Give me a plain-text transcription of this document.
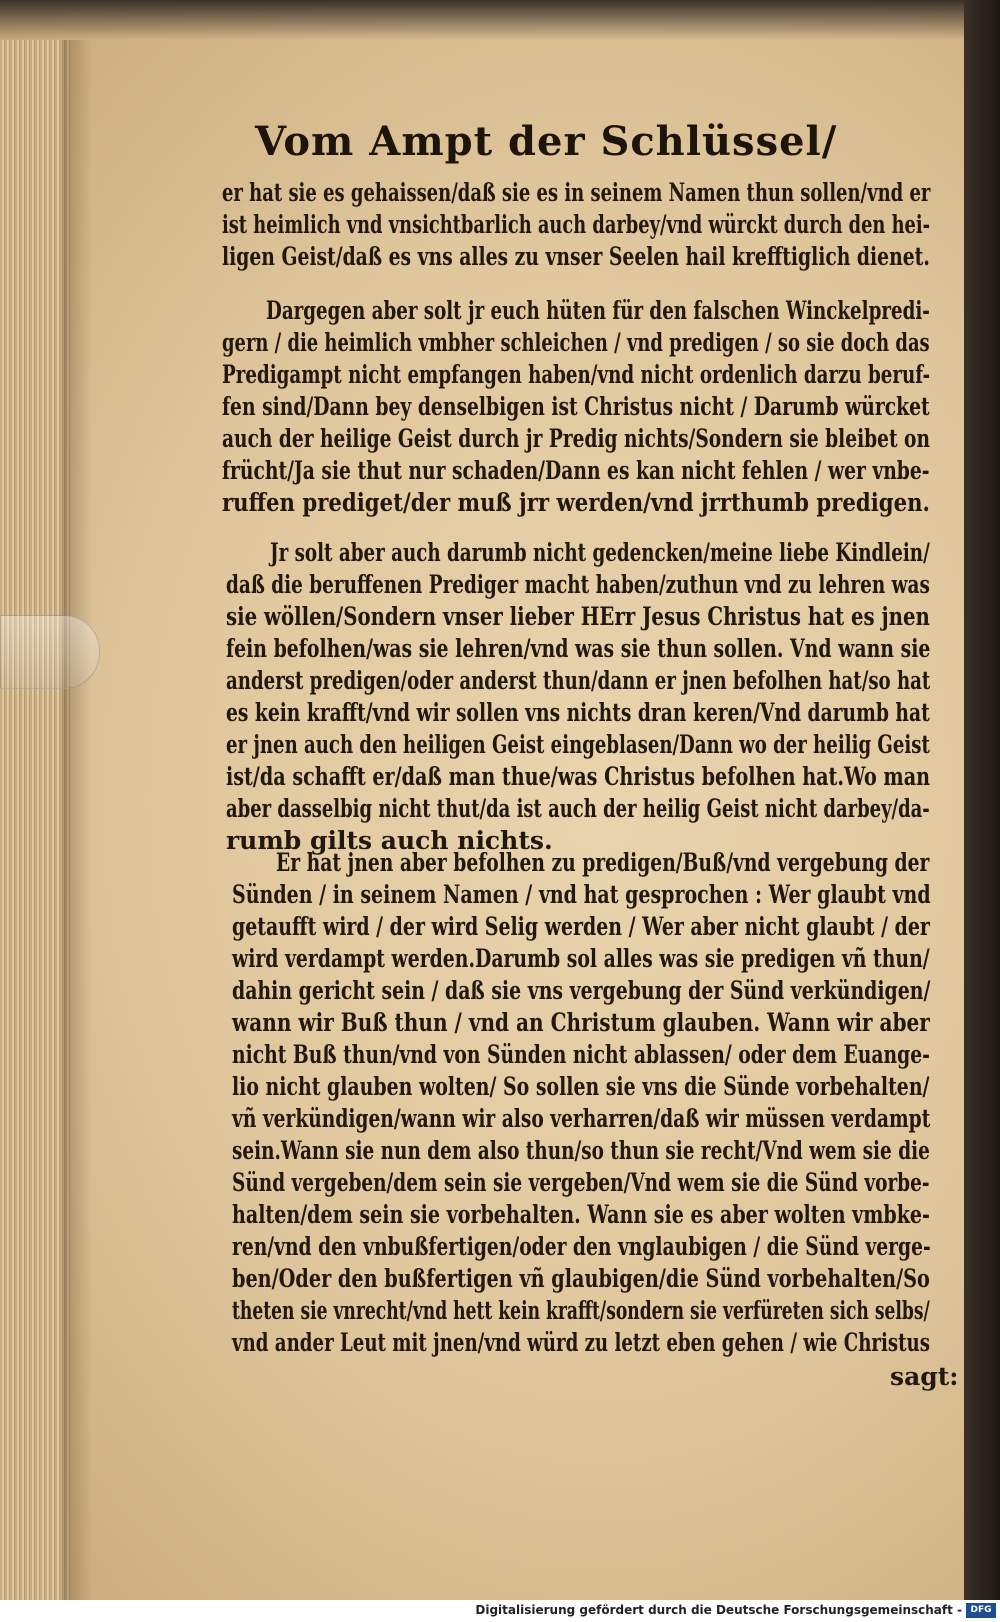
Vom Ampt der Schlüssel/
er hat sie es gehaissen/daß sie es in seinem Namen thun sollen/vnd er
ist heimlich vnd vnsichtbarlich auch darbey/vnd würckt durch den hei-
ligen Geist/daß es vns alles zu vnser Seelen hail krefftiglich dienet.
Dargegen aber solt jr euch hüten für den falschen Winckelpredi-
gern / die heimlich vmbher schleichen / vnd predigen / so sie doch das
Predigampt nicht empfangen haben/vnd nicht ordenlich darzu beruf-
fen sind/Dann bey denselbigen ist Christus nicht / Darumb würcket
auch der heilige Geist durch jr Predig nichts/Sondern sie bleibet on
frücht/Ja sie thut nur schaden/Dann es kan nicht fehlen / wer vnbe-
ruffen prediget/der muß jrr werden/vnd jrrthumb predigen.
Jr solt aber auch darumb nicht gedencken/meine liebe Kindlein/
daß die beruffenen Prediger macht haben/zuthun vnd zu lehren was
sie wöllen/Sondern vnser lieber HErr Jesus Christus hat es jnen
fein befolhen/was sie lehren/vnd was sie thun sollen. Vnd wann sie
anderst predigen/oder anderst thun/dann er jnen befolhen hat/so hat
es kein krafft/vnd wir sollen vns nichts dran keren/Vnd darumb hat
er jnen auch den heiligen Geist eingeblasen/Dann wo der heilig Geist
ist/da schafft er/daß man thue/was Christus befolhen hat.Wo man
aber dasselbig nicht thut/da ist auch der heilig Geist nicht darbey/da-
rumb gilts auch nichts.
Er hat jnen aber befolhen zu predigen/Buß/vnd vergebung der
Sünden / in seinem Namen / vnd hat gesprochen : Wer glaubt vnd
getaufft wird / der wird Selig werden / Wer aber nicht glaubt / der
wird verdampt werden.Darumb sol alles was sie predigen vñ thun/
dahin gericht sein / daß sie vns vergebung der Sünd verkündigen/
wann wir Buß thun / vnd an Christum glauben. Wann wir aber
nicht Buß thun/vnd von Sünden nicht ablassen/ oder dem Euange-
lio nicht glauben wolten/ So sollen sie vns die Sünde vorbehalten/
vñ verkündigen/wann wir also verharren/daß wir müssen verdampt
sein.Wann sie nun dem also thun/so thun sie recht/Vnd wem sie die
Sünd vergeben/dem sein sie vergeben/Vnd wem sie die Sünd vorbe-
halten/dem sein sie vorbehalten. Wann sie es aber wolten vmbke-
ren/vnd den vnbußfertigen/oder den vnglaubigen / die Sünd verge-
ben/Oder den bußfertigen vñ glaubigen/die Sünd vorbehalten/So
theten sie vnrecht/vnd hett kein krafft/sondern sie verfüreten sich selbs/
vnd ander Leut mit jnen/vnd würd zu letzt eben gehen / wie Christus
sagt:
Digitalisierung gefördert durch die Deutsche Forschungsgemeinschaft - DFG
